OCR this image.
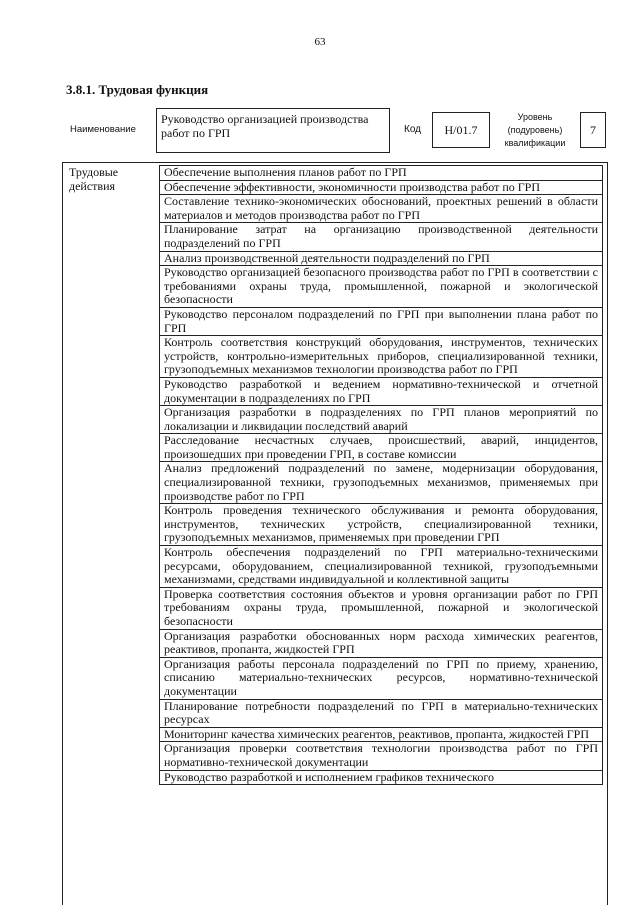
63
3.8.1. Трудовая функция
Наименование
Руководство организацией производства работ по ГРП	Код	H/01.7
Уровень
(подуровень)
квалификации
7
Трудовые
действия
Обеспечение выполнения планов работ по ГРП
Обеспечение эффективности, экономичности производства работ по ГРП
Составление технико-экономических обоснований, проектных решений в области материалов и методов производства работ по ГРП
Планирование затрат на организацию производственной деятельности подразделений по ГРП
Анализ производственной деятельности подразделений по ГРП
Руководство организацией безопасного производства работ по ГРП в соответствии с требованиями охраны труда, промышленной, пожарной и экологической безопасности
Руководство персоналом подразделений по ГРП при выполнении плана работ по ГРП
Контроль соответствия конструкций оборудования, инструментов, технических устройств, контрольно-измерительных приборов, специализированной техники, грузоподъемных механизмов технологии производства работ по ГРП
Руководство разработкой и ведением нормативно-технической и отчетной документации в подразделениях по ГРП
Организация разработки в подразделениях по ГРП планов мероприятий по локализации и ликвидации последствий аварий
Расследование несчастных случаев, происшествий, аварий, инцидентов, произошедших при проведении ГРП, в составе комиссии
Анализ предложений подразделений по замене, модернизации оборудования, специализированной техники, грузоподъемных механизмов, применяемых при производстве работ по ГРП
Контроль проведения технического обслуживания и ремонта оборудования, инструментов, технических устройств, специализированной техники, грузоподъемных механизмов, применяемых при проведении ГРП
Контроль обеспечения подразделений по ГРП материально-техническими ресурсами, оборудованием, специализированной техникой, грузоподъемными механизмами, средствами индивидуальной и коллективной защиты
Проверка соответствия состояния объектов и уровня организации работ по ГРП требованиям охраны труда, промышленной, пожарной и экологической безопасности
Организация разработки обоснованных норм расхода химических реагентов, реактивов, пропанта, жидкостей ГРП
Организация работы персонала подразделений по ГРП по приему, хранению, списанию материально-технических ресурсов, нормативно-технической документации
Планирование потребности подразделений по ГРП в материально-технических ресурсах
Мониторинг качества химических реагентов, реактивов, пропанта, жидкостей ГРП
Организация проверки соответствия технологии производства работ по ГРП нормативно-технической документации
Руководство разработкой и исполнением графиков технического
